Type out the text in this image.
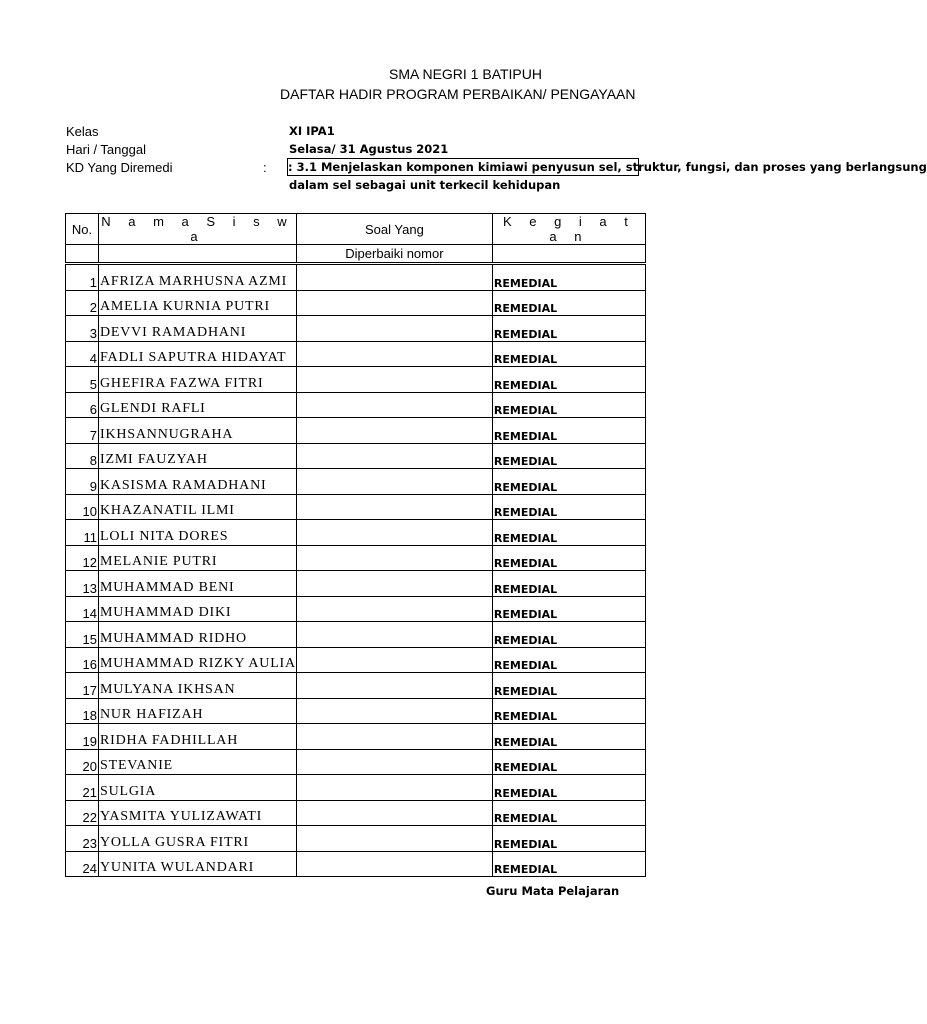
SMA NEGRI 1 BATIPUH
DAFTAR HADIR PROGRAM PERBAIKAN/ PENGAYAAN
Kelas	XI IPA1
Hari / Tanggal	Selasa/ 31 Agustus 2021
KD Yang Diremedi	: : 3.1 Menjelaskan komponen kimiawi penyusun sel, struktur, fungsi, dan proses yang berlangsung
dalam sel sebagai unit terkecil kehidupan
No.	N a m a S i s w a	Soal Yang	K e g i a t a n
		Diperbaiki nomor	
1	AFRIZA MARHUSNA AZMI		REMEDIAL
2	AMELIA KURNIA PUTRI		REMEDIAL
3	DEVVI RAMADHANI		REMEDIAL
4	FADLI SAPUTRA HIDAYAT		REMEDIAL
5	GHEFIRA FAZWA FITRI		REMEDIAL
6	GLENDI RAFLI		REMEDIAL
7	IKHSANNUGRAHA		REMEDIAL
8	IZMI FAUZYAH		REMEDIAL
9	KASISMA RAMADHANI		REMEDIAL
10	KHAZANATIL ILMI		REMEDIAL
11	LOLI NITA DORES		REMEDIAL
12	MELANIE PUTRI		REMEDIAL
13	MUHAMMAD BENI		REMEDIAL
14	MUHAMMAD DIKI		REMEDIAL
15	MUHAMMAD RIDHO		REMEDIAL
16	MUHAMMAD RIZKY AULIA		REMEDIAL
17	MULYANA IKHSAN		REMEDIAL
18	NUR HAFIZAH		REMEDIAL
19	RIDHA FADHILLAH		REMEDIAL
20	STEVANIE		REMEDIAL
21	SULGIA		REMEDIAL
22	YASMITA YULIZAWATI		REMEDIAL
23	YOLLA GUSRA FITRI		REMEDIAL
24	YUNITA WULANDARI		REMEDIAL
Guru Mata Pelajaran
